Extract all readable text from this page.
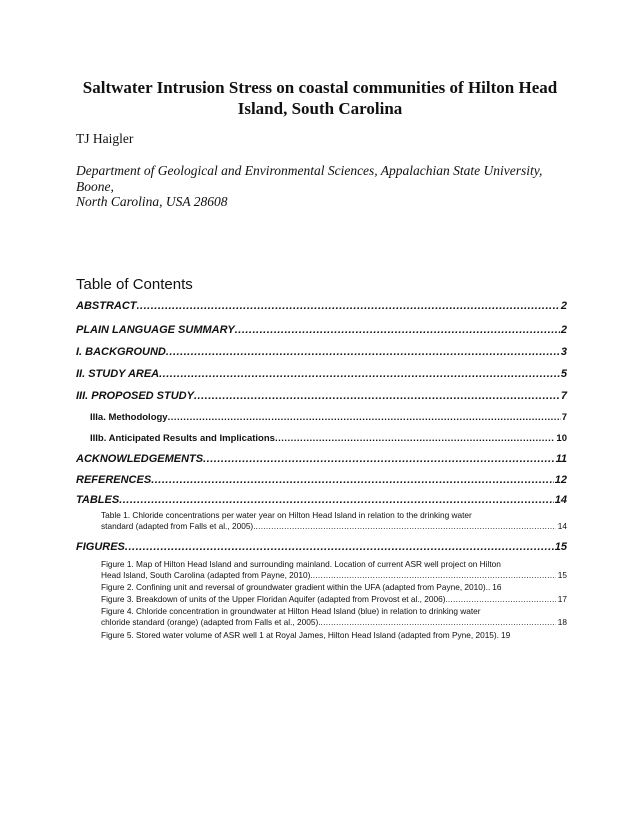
Saltwater Intrusion Stress on coastal communities of Hilton Head
Island, South Carolina
TJ Haigler
Department of Geological and Environmental Sciences, Appalachian State University, Boone,
North Carolina, USA 28608
Table of Contents
ABSTRACT .....	2
PLAIN LANGUAGE SUMMARY .....	2
I. BACKGROUND .....	3
II. STUDY AREA .....	5
III. PROPOSED STUDY .....	7
IIIa. Methodology .....	7
IIIb. Anticipated Results and Implications .....	10
ACKNOWLEDGEMENTS .....	11
REFERENCES .....	12
TABLES .....	14
Table 1. Chloride concentrations per water year on Hilton Head Island in relation to the drinking water
standard (adapted from Falls et al., 2005). .....	14
FIGURES .....	15
Figure 1. Map of Hilton Head Island and surrounding mainland. Location of current ASR well project on Hilton
Head Island, South Carolina (adapted from Payne, 2010). .....	15
Figure 2. Confining unit and reversal of groundwater gradient within the UFA (adapted from Payne, 2010).. 16
Figure 3. Breakdown of units of the Upper Floridan Aquifer (adapted from Provost et al., 2006). .....	17
Figure 4. Chloride concentration in groundwater at Hilton Head Island (blue) in relation to drinking water
chloride standard (orange) (adapted from Falls et al., 2005). .....	18
Figure 5. Stored water volume of ASR well 1 at Royal James, Hilton Head Island (adapted from Pyne, 2015). 19
